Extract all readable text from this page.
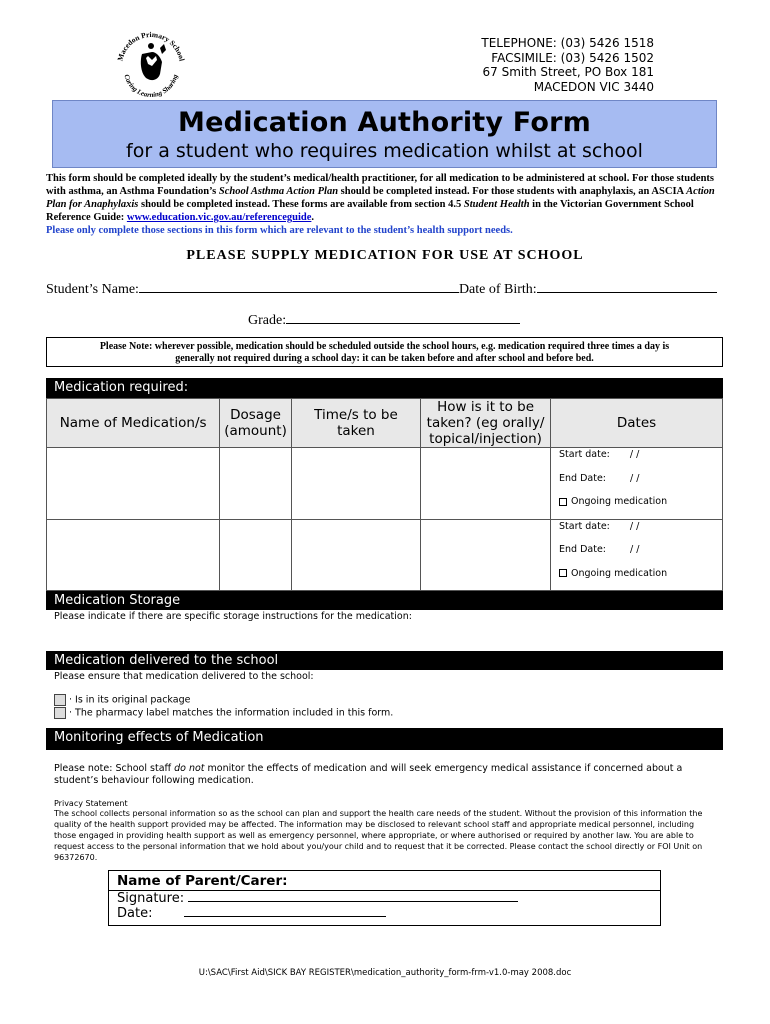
Macedon Primary School
Caring Learning Sharing
TELEPHONE: (03) 5426 1518
FACSIMILE: (03) 5426 1502
67 Smith Street, PO Box 181
MACEDON VIC 3440
Medication Authority Form
for a student who requires medication whilst at school
This form should be completed ideally by the student’s medical/health practitioner, for all medication to be administered at school. For those students with asthma, an Asthma Foundation’s School Asthma Action Plan should be completed instead. For those students with anaphylaxis, an ASCIA Action Plan for Anaphylaxis should be completed instead. These forms are available from section 4.5 Student Health in the Victorian Government School Reference Guide: www.education.vic.gov.au/referenceguide.
Please only complete those sections in this form which are relevant to the student’s health support needs.
PLEASE SUPPLY MEDICATION FOR USE AT SCHOOL
Student’s Name:	Date of Birth:
Grade:
Please Note: wherever possible, medication should be scheduled outside the school hours, e.g. medication required three times a day is
generally not required during a school day: it can be taken before and after school and before bed.
Medication required:
Name of Medication/s	Dosage (amount)	Time/s to be taken	How is it to be taken? (eg orally/ topical/injection)	Dates

				Start date: / /
End Date: / /
Ongoing medication

				Start date: / /
End Date: / /
Ongoing medication
Medication Storage
Please indicate if there are specific storage instructions for the medication:
Medication delivered to the school
Please ensure that medication delivered to the school:
· Is in its original package
· The pharmacy label matches the information included in this form.
Monitoring effects of Medication
Please note: School staff do not monitor the effects of medication and will seek emergency medical assistance if concerned about a student’s behaviour following medication.
Privacy Statement
The school collects personal information so as the school can plan and support the health care needs of the student. Without the provision of this information the quality of the health support provided may be affected. The information may be disclosed to relevant school staff and appropriate medical personnel, including those engaged in providing health support as well as emergency personnel, where appropriate, or where authorised or required by another law. You are able to request access to the personal information that we hold about you/your child and to request that it be corrected. Please contact the school directly or FOI Unit on 96372670.
Name of Parent/Carer:
Signature:
Date:
U:\SAC\First Aid\SICK BAY REGISTER\medication_authority_form-frm-v1.0-may 2008.doc
